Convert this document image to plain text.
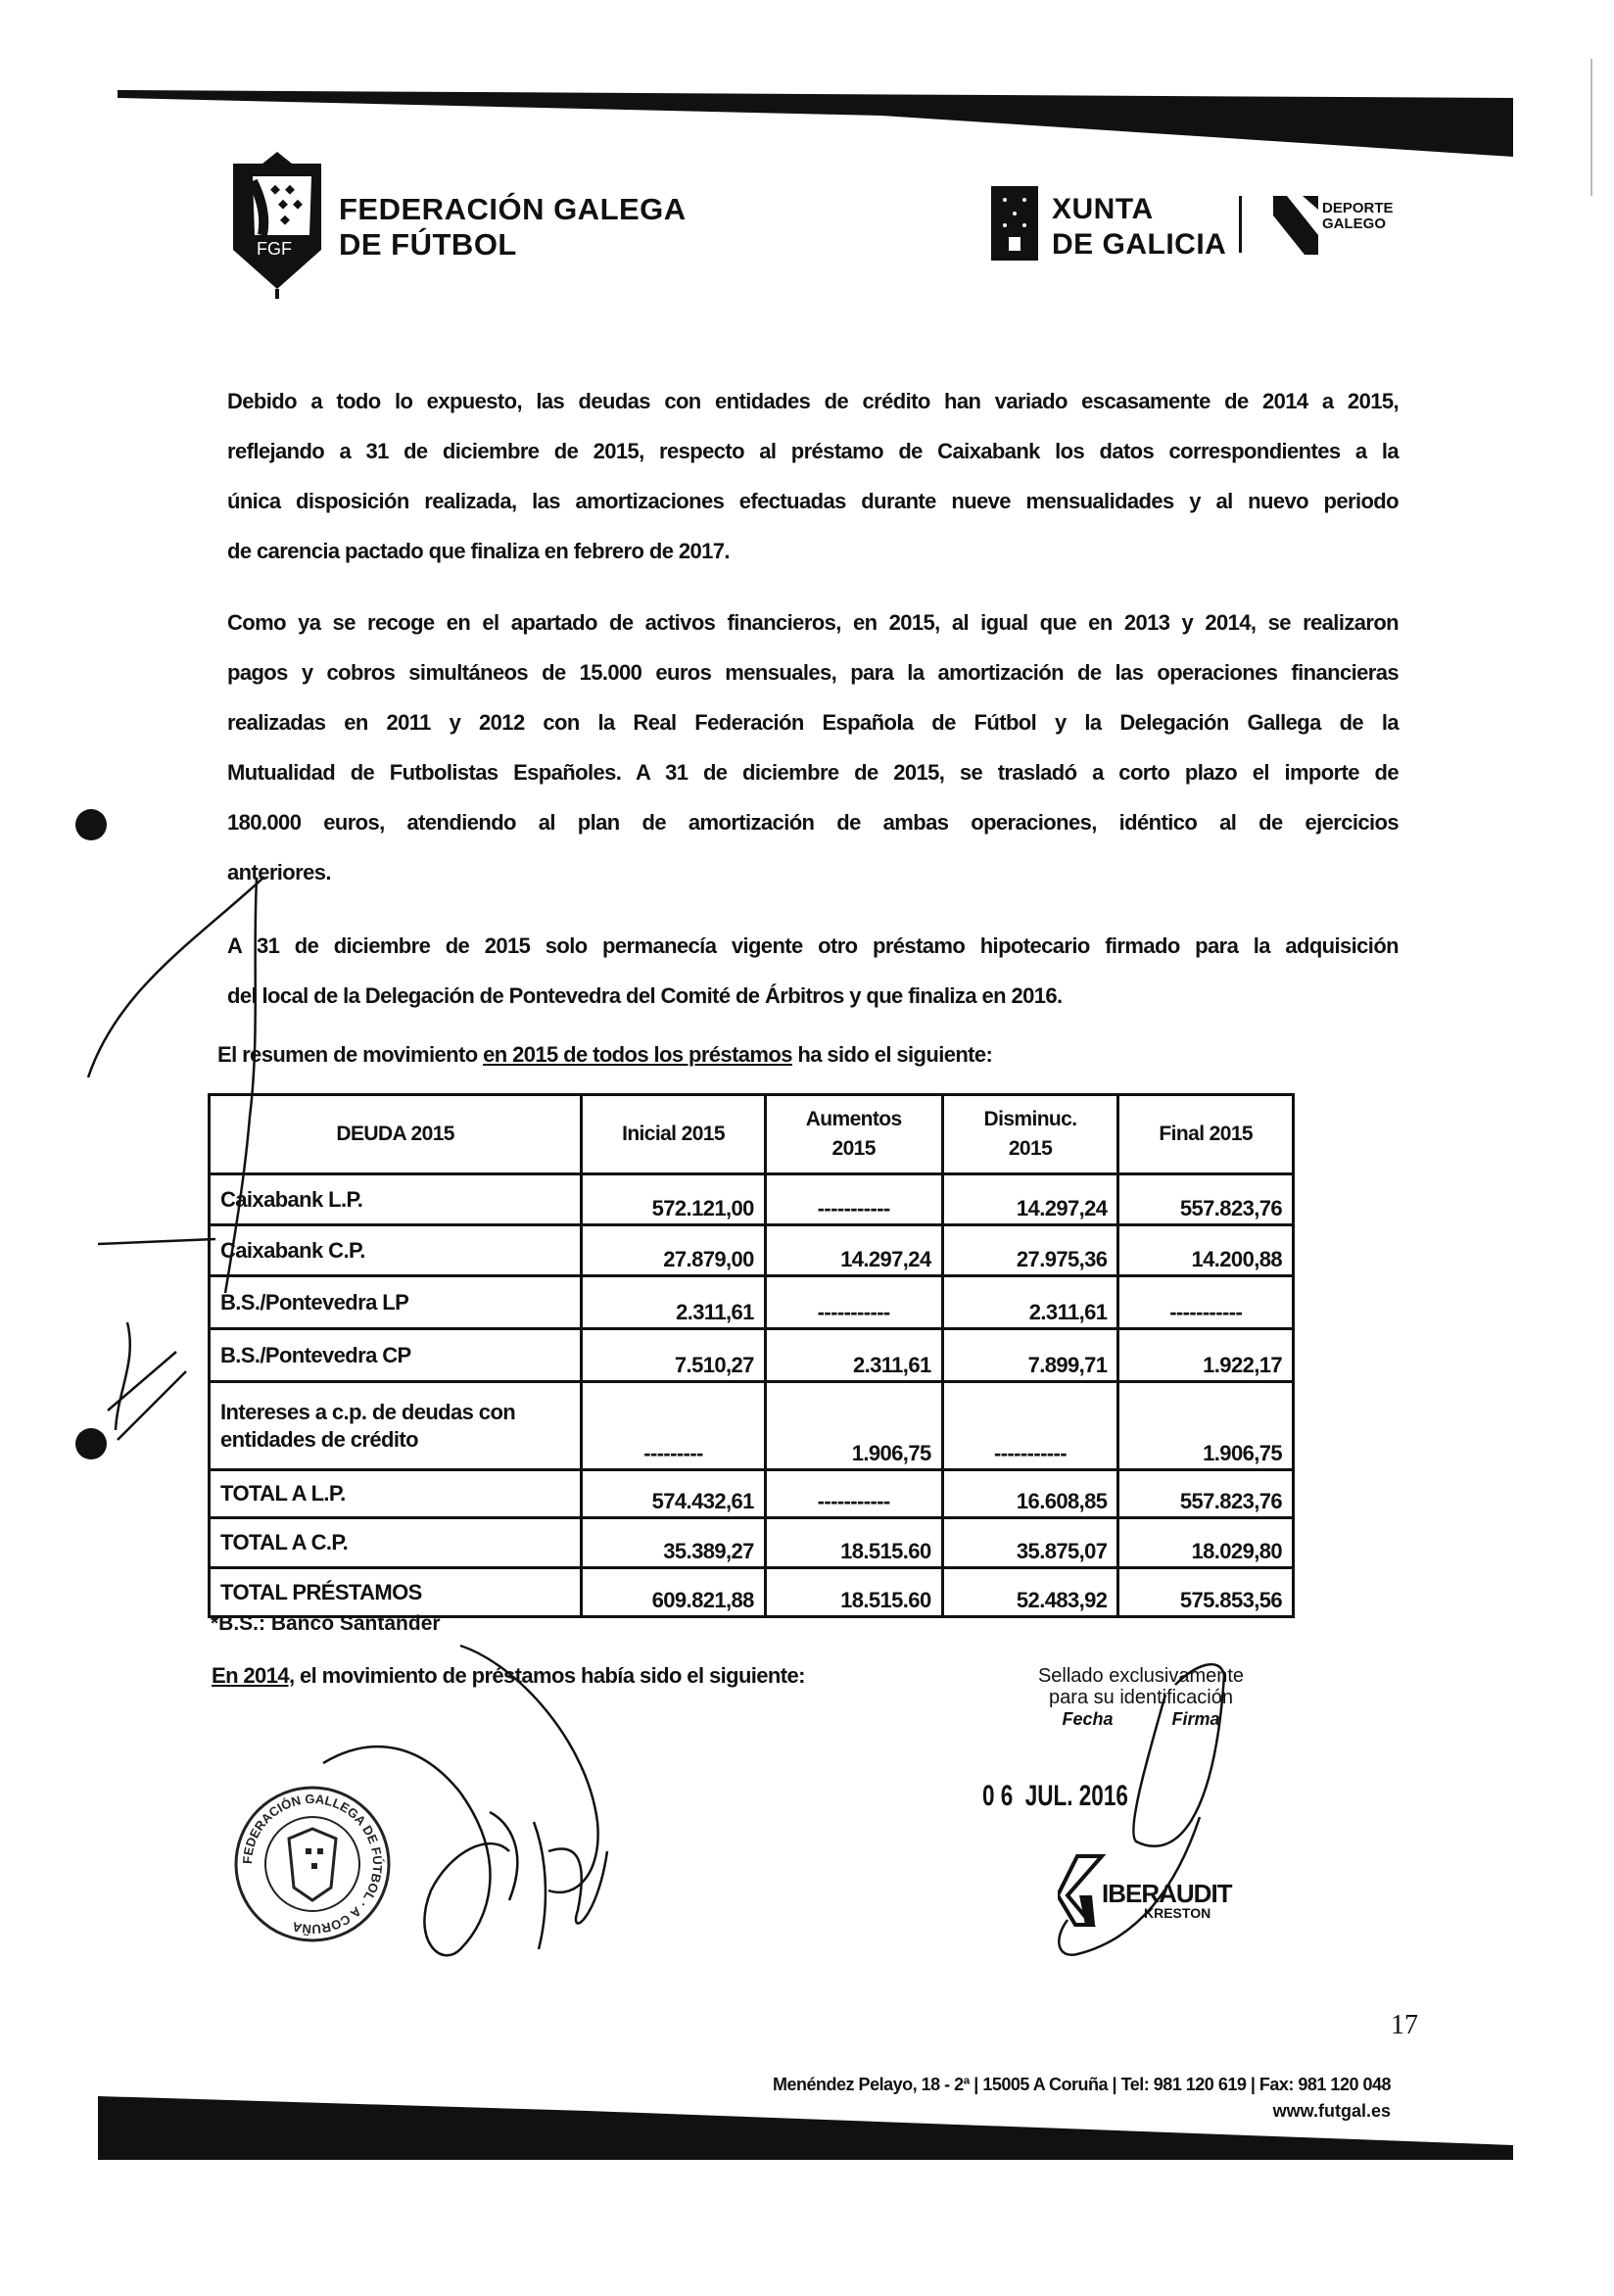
FGF
FEDERACIÓN GALEGA
DE FÚTBOL
XUNTA
DE GALICIA
DEPORTE
GALEGO
Debido a todo lo expuesto, las deudas con entidades de crédito han variado escasamente de 2014 a 2015,
reflejando a 31 de diciembre de 2015, respecto al préstamo de Caixabank los datos correspondientes a la
única disposición realizada, las amortizaciones efectuadas durante nueve mensualidades y al nuevo periodo
de carencia pactado que finaliza en febrero de 2017.
Como ya se recoge en el apartado de activos financieros, en 2015, al igual que en 2013 y 2014, se realizaron
pagos y cobros simultáneos de 15.000 euros mensuales, para la amortización de las operaciones financieras
realizadas en 2011 y 2012 con la Real Federación Española de Fútbol y la Delegación Gallega de la
Mutualidad de Futbolistas Españoles. A 31 de diciembre de 2015, se trasladó a corto plazo el importe de
180.000 euros, atendiendo al plan de amortización de ambas operaciones, idéntico al de ejercicios
anteriores.
A 31 de diciembre de 2015 solo permanecía vigente otro préstamo hipotecario firmado para la adquisición
del local de la Delegación de Pontevedra del Comité de Árbitros y que finaliza en 2016.
El resumen de movimiento en 2015 de todos los préstamos ha sido el siguiente:
DEUDA 2015	Inicial 2015	Aumentos 2015	Disminuc. 2015	Final 2015
Caixabank L.P.	572.121,00	-----------	14.297,24	557.823,76
Caixabank C.P.	27.879,00	14.297,24	27.975,36	14.200,88
B.S./Pontevedra LP	2.311,61	-----------	2.311,61	-----------
B.S./Pontevedra CP	7.510,27	2.311,61	7.899,71	1.922,17
Intereses a c.p. de deudas con entidades de crédito	---------	1.906,75	-----------	1.906,75
TOTAL A L.P.	574.432,61	-----------	16.608,85	557.823,76
TOTAL A C.P.	35.389,27	18.515.60	35.875,07	18.029,80
TOTAL PRÉSTAMOS	609.821,88	18.515.60	52.483,92	575.853,56
*B.S.: Banco Santander
En 2014, el movimiento de préstamos había sido el siguiente:	Sellado exclusivamente
para su identificación
Fecha	Firma
0 6  JUL. 2016
IBERAUDIT
KRESTON
FEDERACIÓN GALLEGA DE FÚTBOL · A CORUÑA
17
Menéndez Pelayo, 18 - 2ª | 15005 A Coruña | Tel: 981 120 619 | Fax: 981 120 048
www.futgal.es
